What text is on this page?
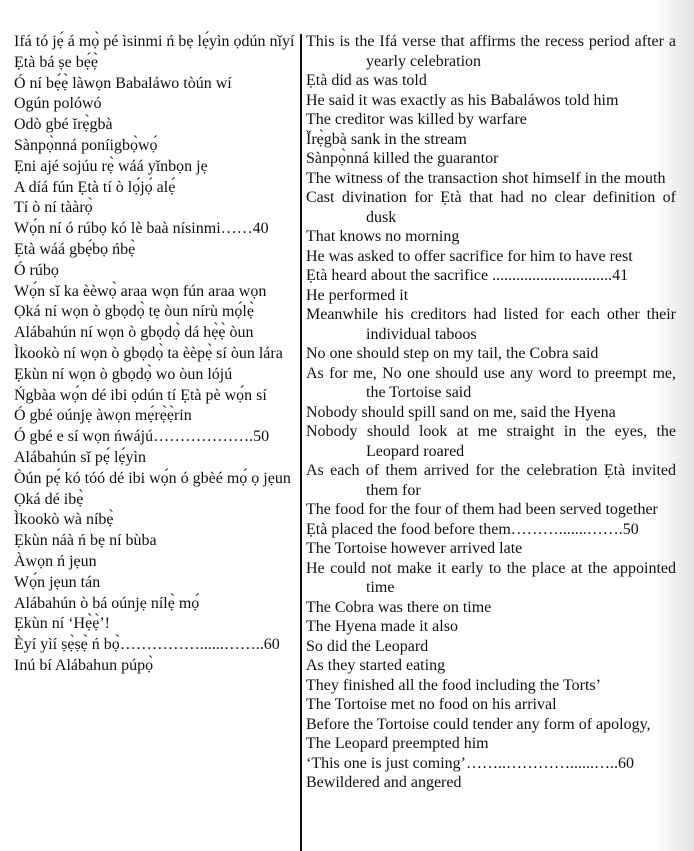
Ifá tó jẹ́ á mọ̀ pé ìsinmi ń bẹ lẹ́yìn ọdún nǐyí

Ẹtà bá ṣe bẹ́ẹ̀

Ó ní bẹ́ẹ̀ làwọn Babaláwo tòún wí

Ogún polówó

Odò gbé ǐrẹ̀gbà

Sànpọ̀nná poníigbọ̀wọ́

Ẹni ajé sojúu rẹ̀ wáá yǐnbọn jẹ

A díá fún Ẹtà tí ò lọ́jọ́ alẹ́

Tí ò ní tààrọ̀

Wọ́n ní ó rúbọ kó lè baà nísinmi……40

Ẹtà wáá gbẹ́bọ ńbẹ̀

Ó rúbọ

Wọ́n sǐ ka èèwọ̀ araa wọn fún araa wọn

Ọká ní wọn ò gbọdọ̀ tẹ òun nírù mọ́lẹ̀

Alábahún ní wọn ò gbọdọ̀ dá hẹ̀ẹ̀ òun

Ìkookò ní wọn ò gbọdọ̀ ta èèpẹ̀ sí òun lára

Ẹkùn ní wọn ò gbọdọ̀ wo òun lójú

Ńgbàa wọ́n dé ibi ọdún tí Ẹtà pè wọ́n sí

Ó gbé oúnjẹ àwọn mẹ́rẹ̀ẹ̀rin

Ó gbé e sí wọn ńwájú……………….50

Alábahún sǐ pẹ́ lẹ́yìn

Òún pẹ́ kó tóó dé ibi wọ́n ó gbèé mọ́ ọ jẹun

Ọká dé ibẹ̀

Ìkookò wà níbẹ̀

Ẹkùn náà ń bẹ ní bùba

Àwọn ń jẹun

Wọ́n jẹun tán

Alábahún ò bá oúnjẹ nílẹ̀ mọ́

Ẹkùn ní ‘Hẹ̀ẹ̀’!

Èyí yìí ṣẹ̀ṣẹ̀ ń bọ̀……………......……..60

Inú bí Alábahun púpọ̀

This is the Ifá verse that affirms the recess period after a yearly celebration

Ẹtà did as was told

He said it was exactly as his Babaláwos told him

The creditor was killed by warfare

Ǐrẹ̀gbà sank in the stream

Sànpọ̀nná killed the guarantor

The witness of the transaction shot himself in the mouth

Cast divination for Ẹtà that had no clear definition of dusk

That knows no morning

He was asked to offer sacrifice for him to have rest

Ẹtà heard about the sacrifice ..............................41

He performed it

Meanwhile his creditors had listed for each other their individual taboos

No one should step on my tail, the Cobra said

As for me, No one should use any word to preempt me, the Tortoise said

Nobody should spill sand on me, said the Hyena

Nobody should look at me straight in the eyes, the Leopard roared

As each of them arrived for the celebration Ẹtà invited them for

The food for the four of them had been served together

Ẹtà placed the food before them……….......…….50

The Tortoise however arrived late

He could not make it early to the place at the appointed time

The Cobra was there on time

The Hyena made it also

So did the Leopard

As they started eating

They finished all the food including the Torts’

The Tortoise met no food on his arrival

Before the Tortoise could tender any form of apology,

The Leopard preempted him

‘This one is just coming’……..…………......…..60

Bewildered and angered
